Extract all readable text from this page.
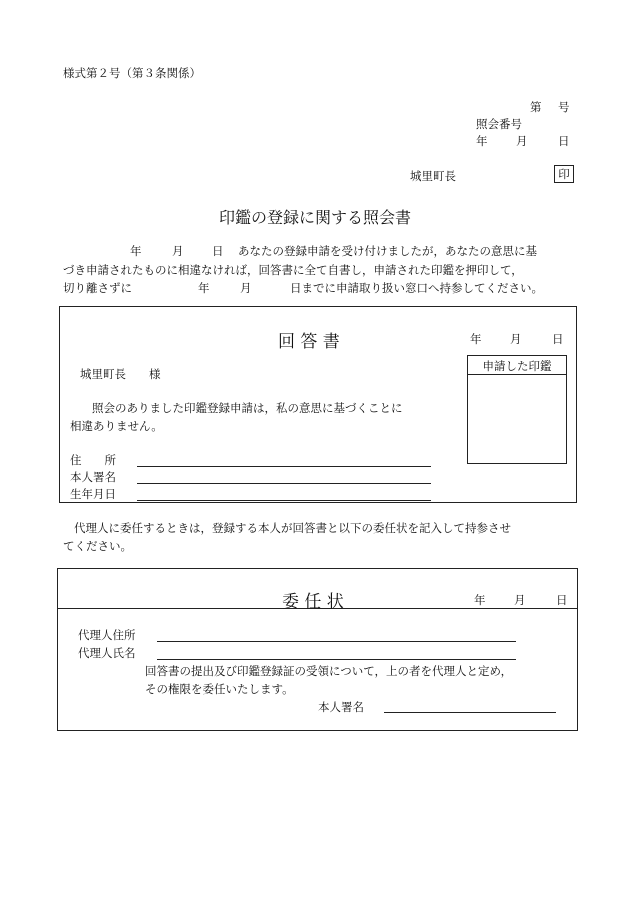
様式第２号（第３条関係）
第 号
照会番号
年 月	日
城里町長	印
印鑑の登録に関する照会書
年	月 日 あなたの登録申請を受け付けましたが，あなたの意思に基
づき申請されたものに相違なければ，回答書に全て自書し，申請された印鑑を押印して，
切り離さずに	年	月	日までに申請取り扱い窓口へ持参してください。
回 答 書	年 月	日
城里町長　　様
申請した印鑑
照会のありました印鑑登録申請は，私の意思に基づくことに
相違ありません。
住　　所
本人署名
生年月日
代理人に委任するときは，登録する本人が回答書と以下の委任状を記入して持参させ
てください。
委 任 状	年 月	日
代理人住所
代理人氏名
回答書の提出及び印鑑登録証の受領について，上の者を代理人と定め，
その権限を委任いたします。
本人署名
